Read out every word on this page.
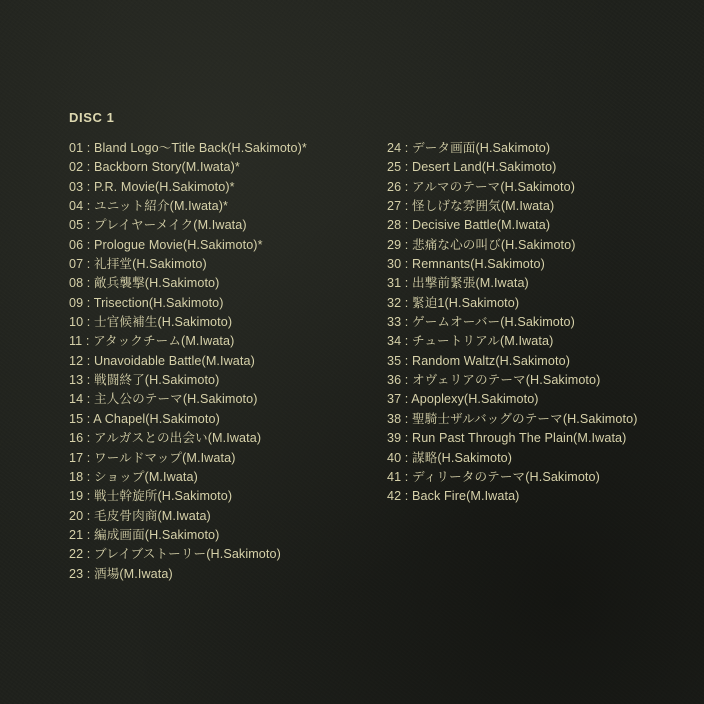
DISC 1
01 : Bland Logo～Title Back(H.Sakimoto)*
02 : Backborn Story(M.Iwata)*
03 : P.R. Movie(H.Sakimoto)*
04 : ユニット紹介(M.Iwata)*
05 : プレイヤーメイク(M.Iwata)
06 : Prologue Movie(H.Sakimoto)*
07 : 礼拝堂(H.Sakimoto)
08 : 敵兵襲撃(H.Sakimoto)
09 : Trisection(H.Sakimoto)
10 : 士官候補生(H.Sakimoto)
11 : アタックチーム(M.Iwata)
12 : Unavoidable Battle(M.Iwata)
13 : 戦闘終了(H.Sakimoto)
14 : 主人公のテーマ(H.Sakimoto)
15 : A Chapel(H.Sakimoto)
16 : アルガスとの出会い(M.Iwata)
17 : ワールドマップ(M.Iwata)
18 : ショップ(M.Iwata)
19 : 戦士幹旋所(H.Sakimoto)
20 : 毛皮骨肉商(M.Iwata)
21 : 編成画面(H.Sakimoto)
22 : ブレイブストーリー(H.Sakimoto)
23 : 酒場(M.Iwata)
24 : データ画面(H.Sakimoto)
25 : Desert Land(H.Sakimoto)
26 : アルマのテーマ(H.Sakimoto)
27 : 怪しげな雰囲気(M.Iwata)
28 : Decisive Battle(M.Iwata)
29 : 悲痛な心の叫び(H.Sakimoto)
30 : Remnants(H.Sakimoto)
31 : 出撃前緊張(M.Iwata)
32 : 緊迫1(H.Sakimoto)
33 : ゲームオーバー(H.Sakimoto)
34 : チュートリアル(M.Iwata)
35 : Random Waltz(H.Sakimoto)
36 : オヴェリアのテーマ(H.Sakimoto)
37 : Apoplexy(H.Sakimoto)
38 : 聖騎士ザルバッグのテーマ(H.Sakimoto)
39 : Run Past Through The Plain(M.Iwata)
40 : 謀略(H.Sakimoto)
41 : ディリータのテーマ(H.Sakimoto)
42 : Back Fire(M.Iwata)
